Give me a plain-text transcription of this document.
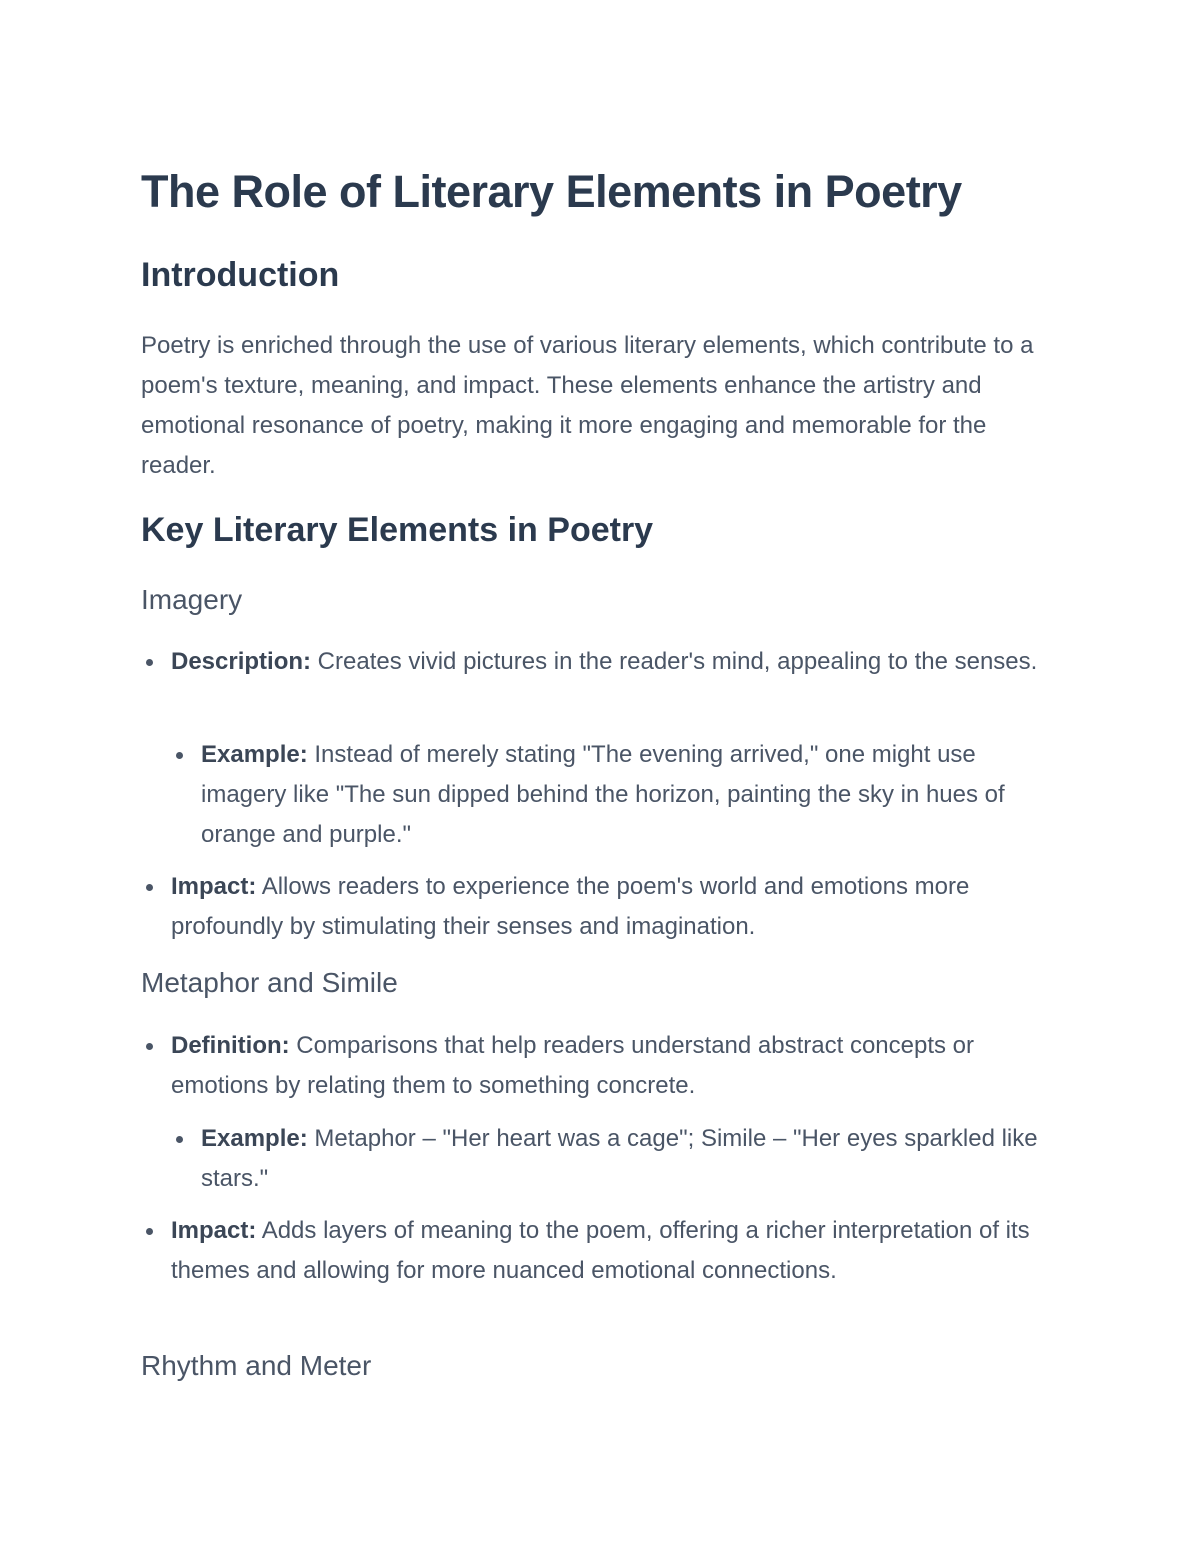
The Role of Literary Elements in Poetry
Introduction

Poetry is enriched through the use of various literary elements, which contribute to a poem's texture, meaning, and impact. These elements enhance the artistry and emotional resonance of poetry, making it more engaging and memorable for the reader.

Key Literary Elements in Poetry
Imagery
Description: Creates vivid pictures in the reader's mind, appealing to the senses.
Example: Instead of merely stating "The evening arrived," one might use imagery like "The sun dipped behind the horizon, painting the sky in hues of orange and purple."
Impact: Allows readers to experience the poem's world and emotions more profoundly by stimulating their senses and imagination.
Metaphor and Simile
Definition: Comparisons that help readers understand abstract concepts or emotions by relating them to something concrete.
Example: Metaphor – "Her heart was a cage"; Simile – "Her eyes sparkled like stars."
Impact: Adds layers of meaning to the poem, offering a richer interpretation of its themes and allowing for more nuanced emotional connections.
Rhythm and Meter
